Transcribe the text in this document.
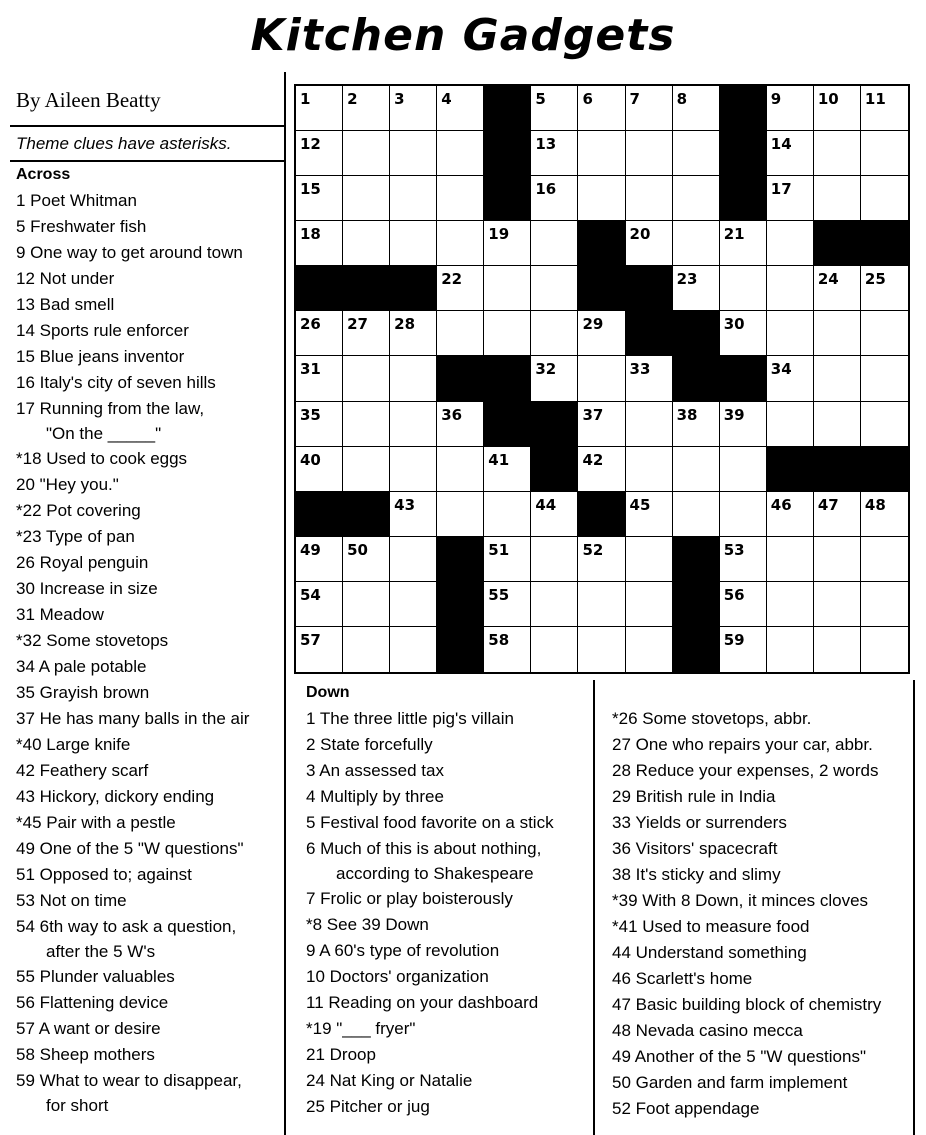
Kitchen Gadgets
By Aileen Beatty
Theme clues have asterisks.
Across
1 Poet Whitman
5 Freshwater fish
9 One way to get around town
12 Not under
13 Bad smell
14 Sports rule enforcer
15 Blue jeans inventor
16 Italy's city of seven hills
17 Running from the law,
"On the _____"
*18 Used to cook eggs
20 "Hey you."
*22 Pot covering
*23 Type of pan
26 Royal penguin
30 Increase in size
31 Meadow
*32 Some stovetops
34 A pale potable
35 Grayish brown
37 He has many balls in the air
*40 Large knife
42 Feathery scarf
43 Hickory, dickory ending
*45 Pair with a pestle
49 One of the 5 "W questions"
51 Opposed to; against
53 Not on time
54 6th way to ask a question,
after the 5 W's
55 Plunder valuables
56 Flattening device
57 A want or desire
58 Sheep mothers
59 What to wear to disappear,
for short
1 2 3 4	5 6 7 8	9 10 11
12	13	14
15	16	17
18	19	20	21
22	23	24 25
26 27 28	29	30
31	32	33	34
35	36	37	38 39
40	41	42
43	44	45	46 47 48
49 50	51	52	53
54	55	56
57	58	59
Down
1 The three little pig's villain
2 State forcefully
3 An assessed tax
4 Multiply by three
5 Festival food favorite on a stick
6 Much of this is about nothing,
according to Shakespeare
7 Frolic or play boisterously
*8 See 39 Down
9 A 60's type of revolution
10 Doctors' organization
11 Reading on your dashboard
*19 "___ fryer"
21 Droop
24 Nat King or Natalie
25 Pitcher or jug
*26 Some stovetops, abbr.
27 One who repairs your car, abbr.
28 Reduce your expenses, 2 words
29 British rule in India
33 Yields or surrenders
36 Visitors' spacecraft
38 It's sticky and slimy
*39 With 8 Down, it minces cloves
*41 Used to measure food
44 Understand something
46 Scarlett's home
47 Basic building block of chemistry
48 Nevada casino mecca
49 Another of the 5 "W questions"
50 Garden and farm implement
52 Foot appendage
